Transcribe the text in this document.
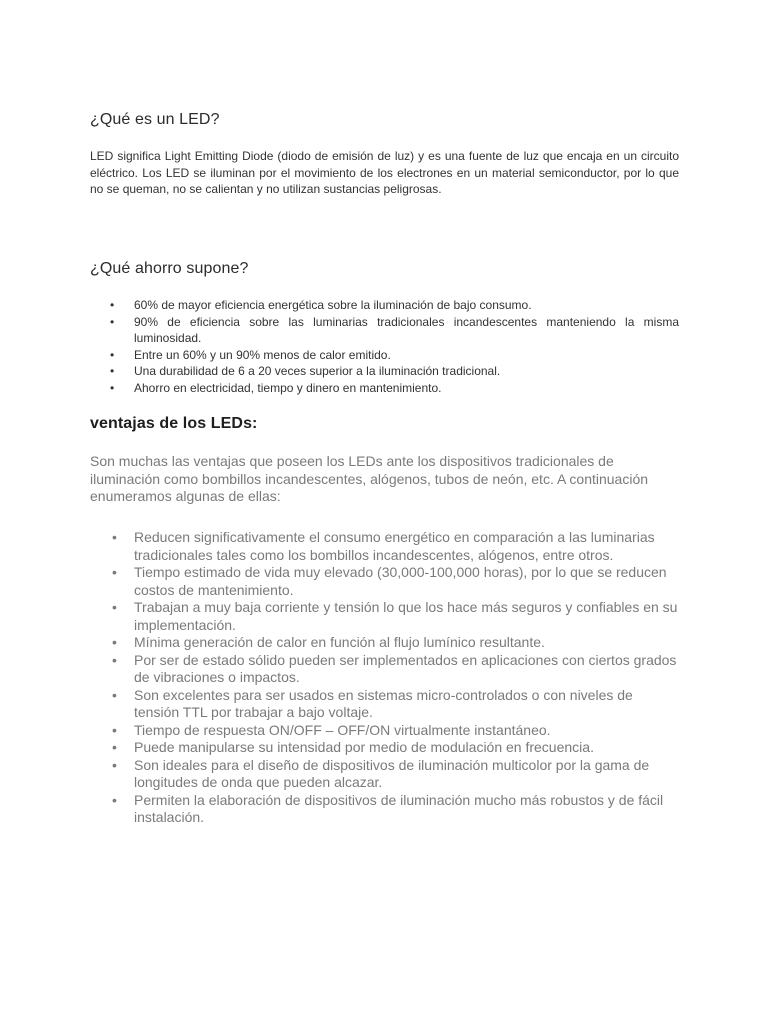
¿Qué es un LED?

LED significa Light Emitting Diode (diodo de emisión de luz) y es una fuente de luz que encaja en un circuito eléctrico. Los LED se iluminan por el movimiento de los electrones en un material semiconductor, por lo que no se queman, no se calientan y no utilizan sustancias peligrosas.

¿Qué ahorro supone?
• 60% de mayor eficiencia energética sobre la iluminación de bajo consumo.
• 90% de eficiencia sobre las luminarias tradicionales incandescentes manteniendo la misma luminosidad.
• Entre un 60% y un 90% menos de calor emitido.
• Una durabilidad de 6 a 20 veces superior a la iluminación tradicional.
• Ahorro en electricidad, tiempo y dinero en mantenimiento.
ventajas de los LEDs:

Son muchas las ventajas que poseen los LEDs ante los dispositivos tradicionales de iluminación como bombillos incandescentes, alógenos, tubos de neón, etc. A continuación enumeramos algunas de ellas:

• Reducen significativamente el consumo energético en comparación a las luminarias tradicionales tales como los bombillos incandescentes, alógenos, entre otros.
• Tiempo estimado de vida muy elevado (30,000-100,000 horas), por lo que se reducen costos de mantenimiento.
• Trabajan a muy baja corriente y tensión lo que los hace más seguros y confiables en su implementación.
• Mínima generación de calor en función al flujo lumínico resultante.
• Por ser de estado sólido pueden ser implementados en aplicaciones con ciertos grados de vibraciones o impactos.
• Son excelentes para ser usados en sistemas micro-controlados o con niveles de tensión TTL por trabajar a bajo voltaje.
• Tiempo de respuesta ON/OFF – OFF/ON virtualmente instantáneo.
• Puede manipularse su intensidad por medio de modulación en frecuencia.
• Son ideales para el diseño de dispositivos de iluminación multicolor por la gama de longitudes de onda que pueden alcazar.
• Permiten la elaboración de dispositivos de iluminación mucho más robustos y de fácil instalación.
